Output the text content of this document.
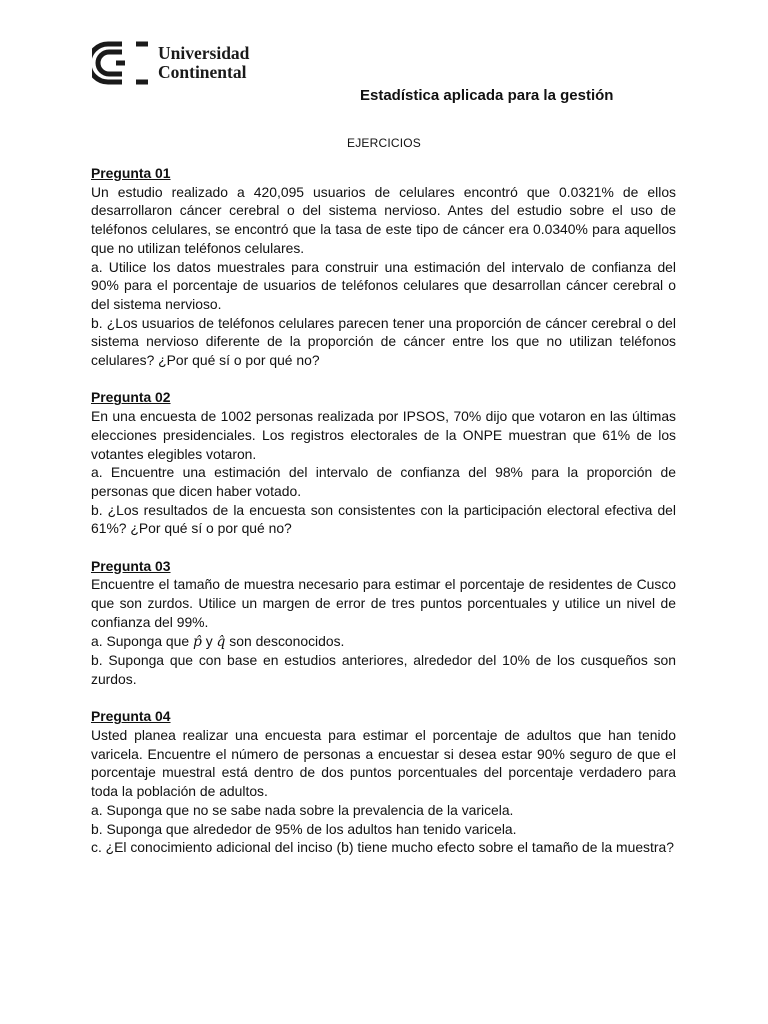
Universidad
Continental
Estadística aplicada para la gestión
EJERCICIOS
Pregunta 01

Un estudio realizado a 420,095 usuarios de celulares encontró que 0.0321% de ellos desarrollaron cáncer cerebral o del sistema nervioso. Antes del estudio sobre el uso de teléfonos celulares, se encontró que la tasa de este tipo de cáncer era 0.0340% para aquellos que no utilizan teléfonos celulares.

a. Utilice los datos muestrales para construir una estimación del intervalo de confianza del 90% para el porcentaje de usuarios de teléfonos celulares que desarrollan cáncer cerebral o del sistema nervioso.

b. ¿Los usuarios de teléfonos celulares parecen tener una proporción de cáncer cerebral o del sistema nervioso diferente de la proporción de cáncer entre los que no utilizan teléfonos celulares? ¿Por qué sí o por qué no?

Pregunta 02

En una encuesta de 1002 personas realizada por IPSOS, 70% dijo que votaron en las últimas elecciones presidenciales. Los registros electorales de la ONPE muestran que 61% de los votantes elegibles votaron.

a. Encuentre una estimación del intervalo de confianza del 98% para la proporción de personas que dicen haber votado.

b. ¿Los resultados de la encuesta son consistentes con la participación electoral efectiva del 61%? ¿Por qué sí o por qué no?

Pregunta 03

Encuentre el tamaño de muestra necesario para estimar el porcentaje de residentes de Cusco que son zurdos. Utilice un margen de error de tres puntos porcentuales y utilice un nivel de confianza del 99%.

a. Suponga que p̂ y q̂ son desconocidos.

b. Suponga que con base en estudios anteriores, alrededor del 10% de los cusqueños son zurdos.

Pregunta 04

Usted planea realizar una encuesta para estimar el porcentaje de adultos que han tenido varicela. Encuentre el número de personas a encuestar si desea estar 90% seguro de que el porcentaje muestral está dentro de dos puntos porcentuales del porcentaje verdadero para toda la población de adultos.

a. Suponga que no se sabe nada sobre la prevalencia de la varicela.

b. Suponga que alrededor de 95% de los adultos han tenido varicela.

c. ¿El conocimiento adicional del inciso (b) tiene mucho efecto sobre el tamaño de la muestra?
